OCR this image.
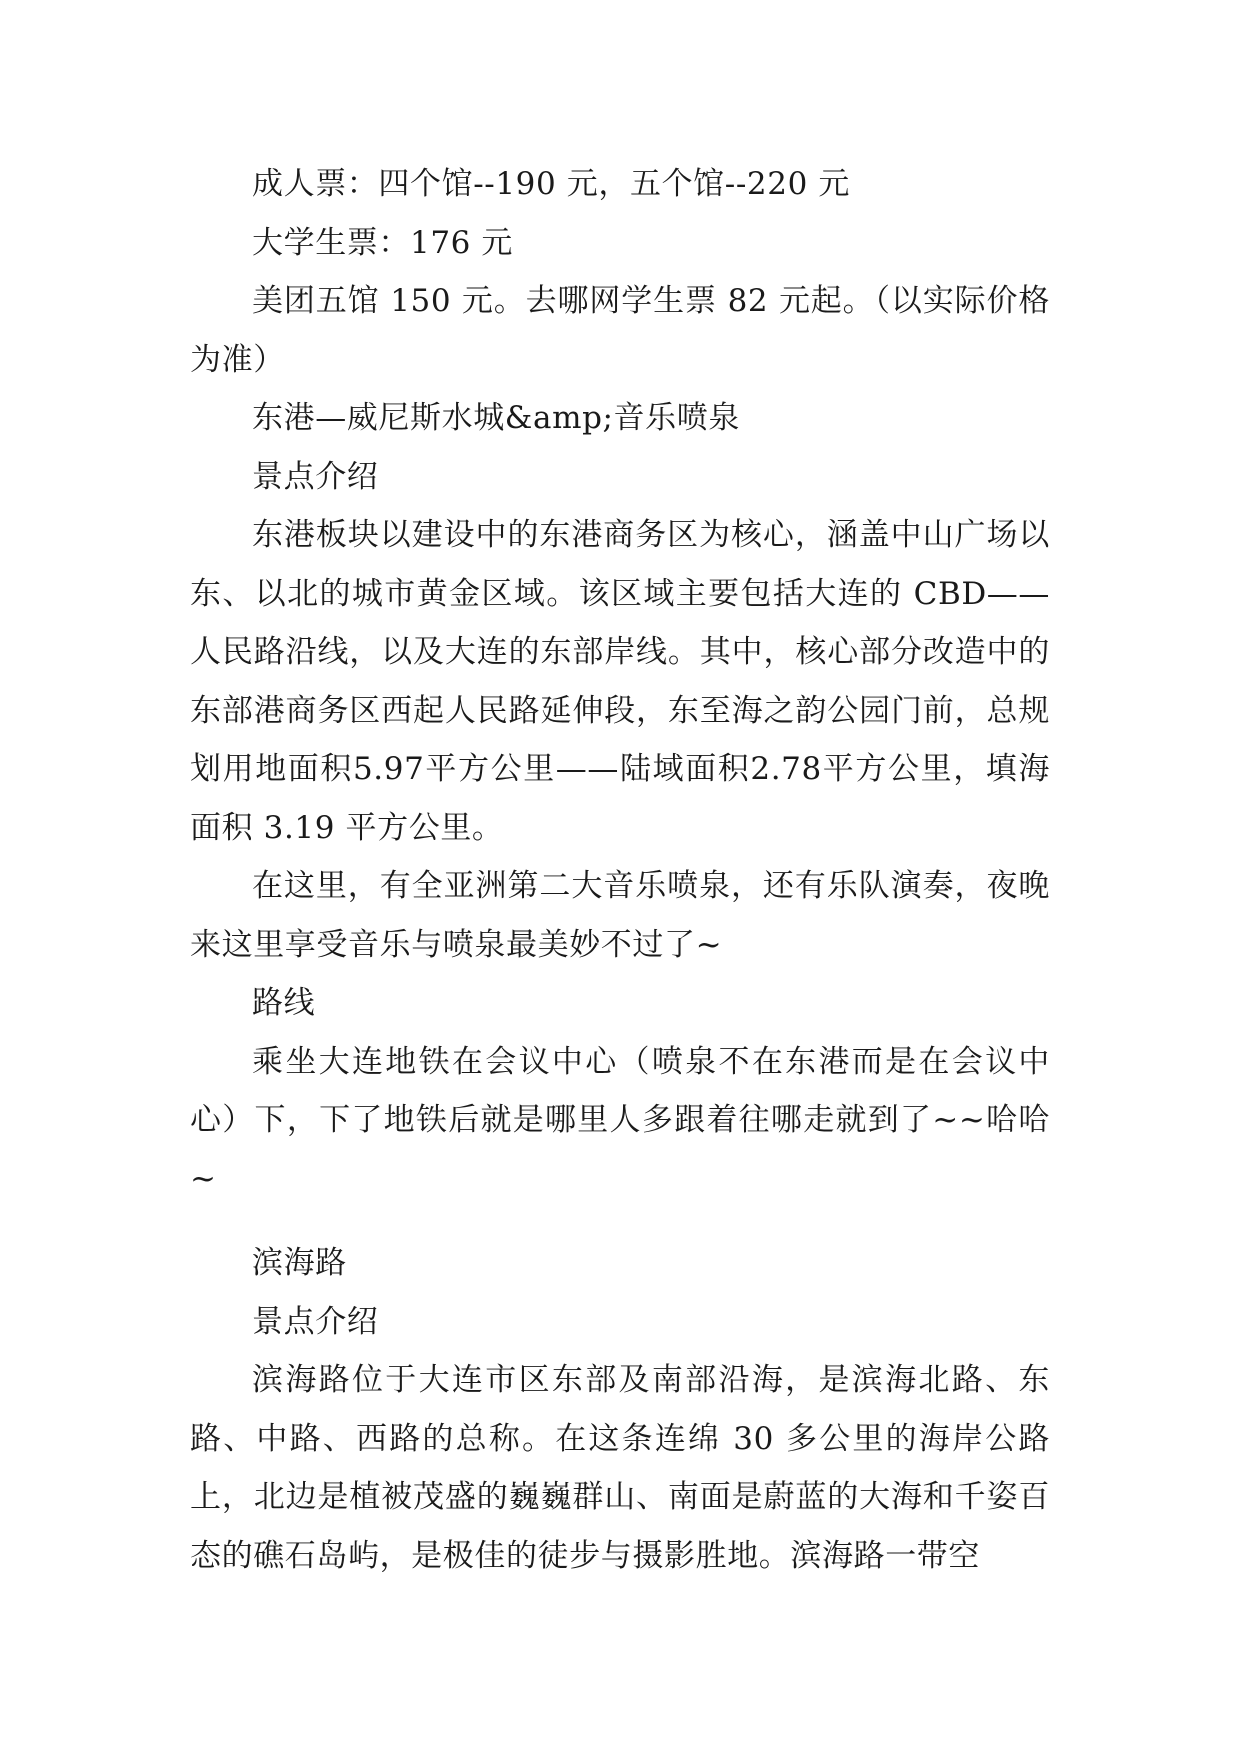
成人票：四个馆--190 元，五个馆--220 元

大学生票：176 元

美团五馆 150 元。去哪网学生票 82 元起。（以实际价格为准）

东港—威尼斯水城&amp;音乐喷泉

景点介绍

东港板块以建设中的东港商务区为核心，涵盖中山广场以东、以北的城市黄金区域。该区域主要包括大连的 CBD——人民路沿线，以及大连的东部岸线。其中，核心部分改造中的东部港商务区西起人民路延伸段，东至海之韵公园门前，总规划用地面积5.97平方公里——陆域面积2.78平方公里，填海面积 3.19 平方公里。

在这里，有全亚洲第二大音乐喷泉，还有乐队演奏，夜晚来这里享受音乐与喷泉最美妙不过了~

路线

乘坐大连地铁在会议中心（喷泉不在东港而是在会议中心）下，下了地铁后就是哪里人多跟着往哪走就到了~~哈哈~

滨海路

景点介绍

滨海路位于大连市区东部及南部沿海，是滨海北路、东路、中路、西路的总称。在这条连绵 30 多公里的海岸公路上，北边是植被茂盛的巍巍群山、南面是蔚蓝的大海和千姿百态的礁石岛屿，是极佳的徒步与摄影胜地。滨海路一带空
